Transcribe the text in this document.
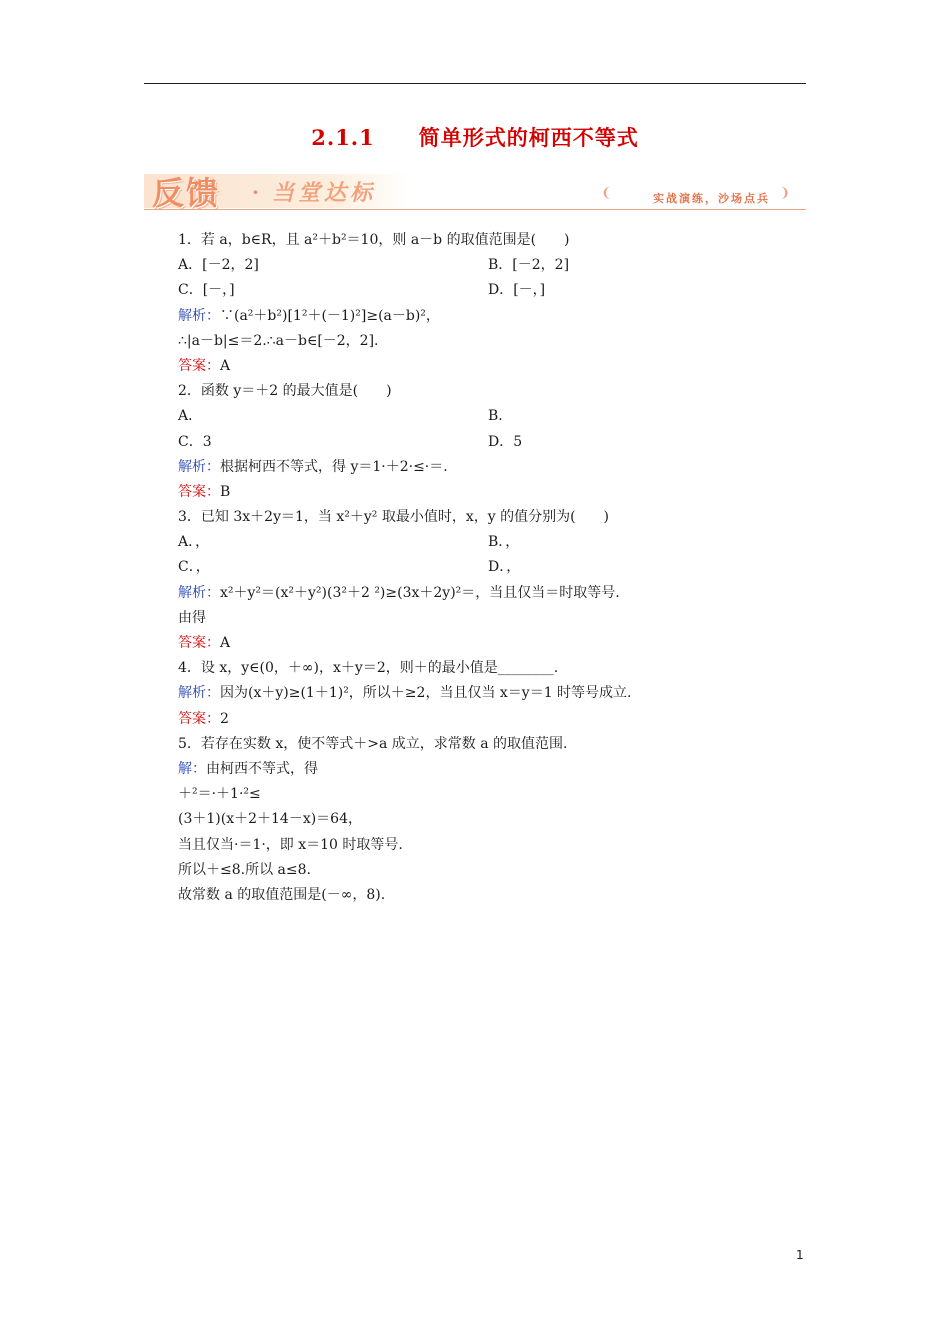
2.1.1　　简单形式的柯西不等式
反馈 · 当堂达标	❨	实战演练，沙场点兵 ❩
1．若 a，b∈R，且 a²＋b²＝10，则 a－b 的取值范围是(　　)
A．[－2，2]	B．[－2，2]
C．[－，]	D．[－，]
解析：∵(a²＋b²)[1²＋(－1)²]≥(a－b)²，
∴|a－b|≤＝2.∴a－b∈[－2，2].
答案：A
2．函数 y＝＋2 的最大值是(　　)
A．	B．
C．3	D．5
解析：根据柯西不等式，得 y＝1·＋2·≤·＝.
答案：B
3．已知 3x＋2y＝1，当 x²＋y² 取最小值时，x，y 的值分别为(　　)
A．，	B．，
C．，	D．，
解析：x²＋y²＝(x²＋y²)(3²＋2 ²)≥(3x＋2y)²＝，当且仅当＝时取等号.
由得
答案：A
4．设 x，y∈(0，＋∞)，x＋y＝2，则＋的最小值是________.
解析：因为(x＋y)≥(1＋1)²，所以＋≥2，当且仅当 x＝y＝1 时等号成立.
答案：2
5．若存在实数 x，使不等式＋>a 成立，求常数 a 的取值范围.
解：由柯西不等式，得
＋²＝·＋1·²≤
(3＋1)(x＋2＋14－x)＝64，
当且仅当·＝1·，即 x＝10 时取等号.
所以＋≤8.所以 a≤8.
故常数 a 的取值范围是(－∞，8).
1
